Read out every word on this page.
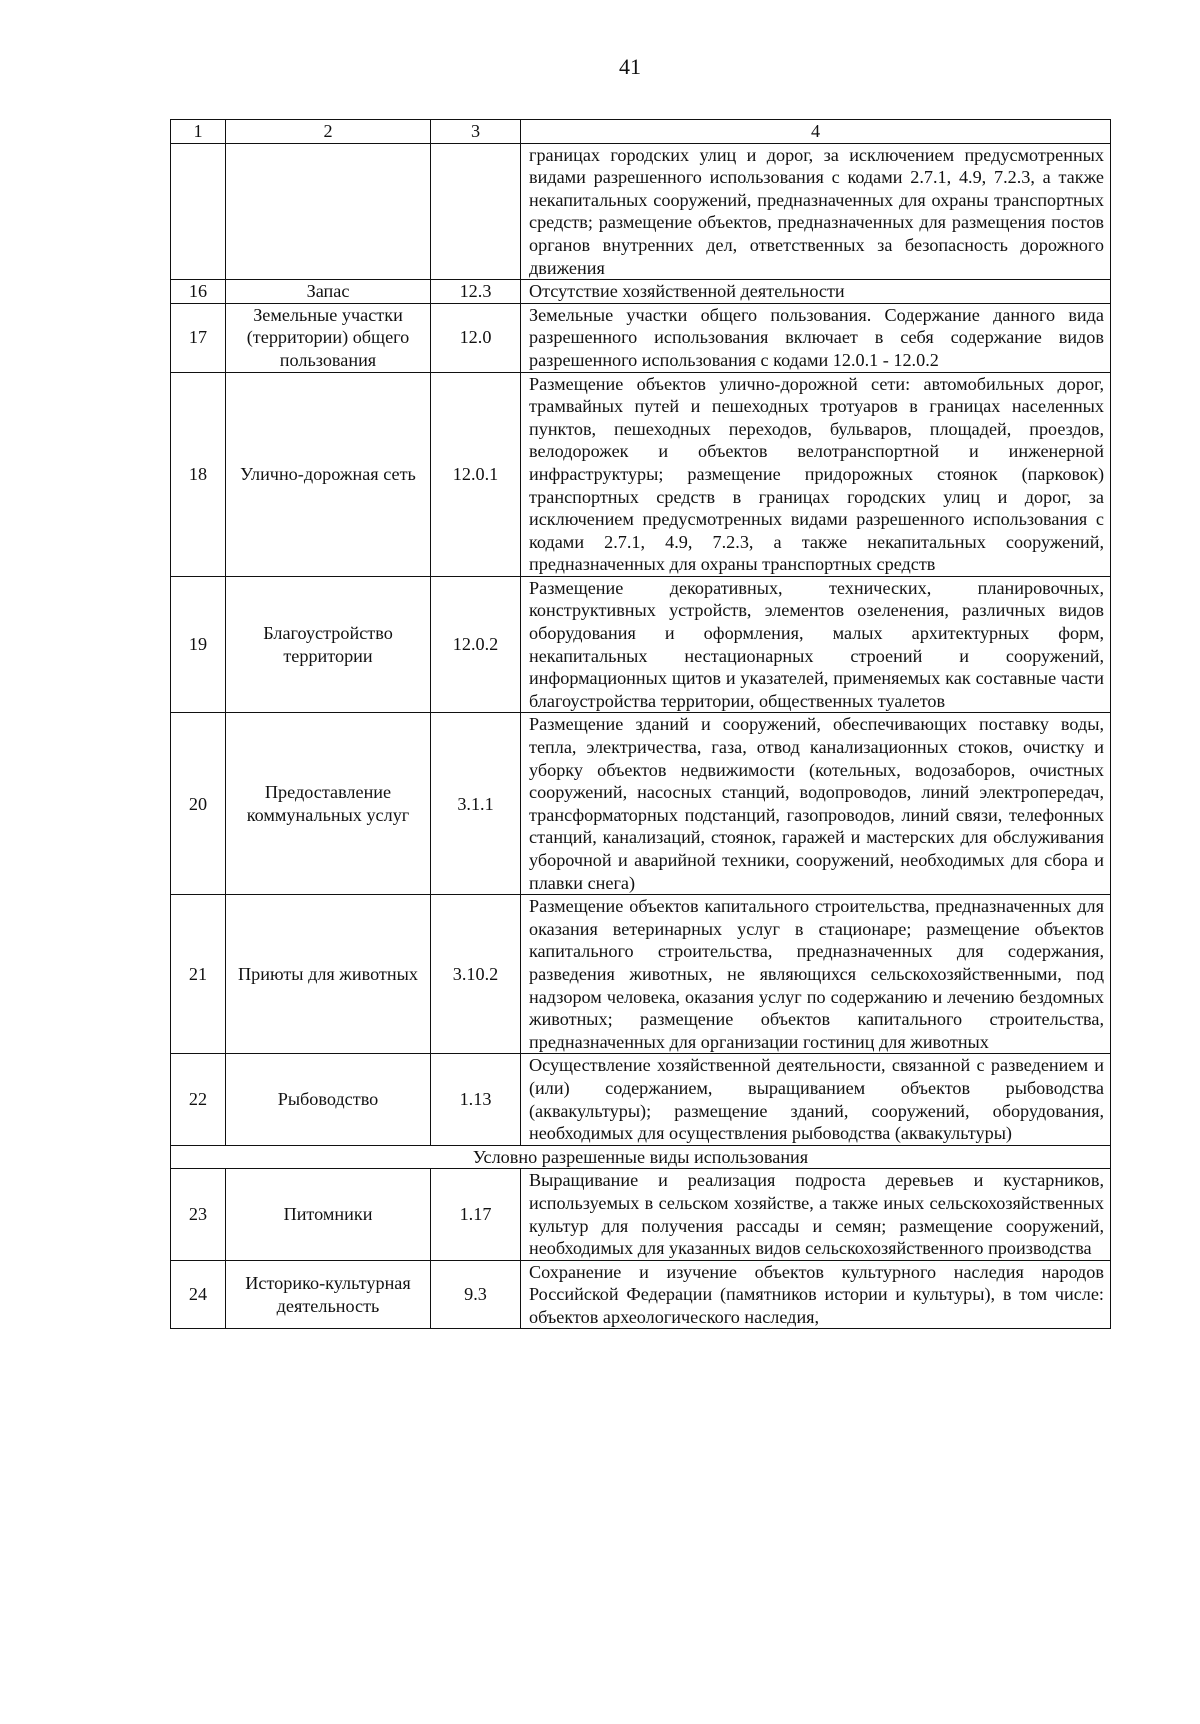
41
1	2	3	4
			границах городских улиц и дорог, за исключением предусмотренных видами разрешенного использования с кодами 2.7.1, 4.9, 7.2.3, а также некапитальных сооружений, предназначенных для охраны транспортных средств; размещение объектов, предназначенных для размещения постов органов внутренних дел, ответственных за безопасность дорожного движения
16	Запас	12.3	Отсутствие хозяйственной деятельности
17	Земельные участки (территории) общего пользования	12.0	Земельные участки общего пользования. Содержание данного вида разрешенного использования включает в себя содержание видов разрешенного использования с кодами 12.0.1 - 12.0.2
18	Улично-дорожная сеть	12.0.1	Размещение объектов улично-дорожной сети: автомобильных дорог, трамвайных путей и пешеходных тротуаров в границах населенных пунктов, пешеходных переходов, бульваров, площадей, проездов, велодорожек и объектов велотранспортной и инженерной инфраструктуры; размещение придорожных стоянок (парковок) транспортных средств в границах городских улиц и дорог, за исключением предусмотренных видами разрешенного использования с кодами 2.7.1, 4.9, 7.2.3, а также некапитальных сооружений, предназначенных для охраны транспортных средств
19	Благоустройство территории	12.0.2	Размещение декоративных, технических, планировочных, конструктивных устройств, элементов озеленения, различных видов оборудования и оформления, малых архитектурных форм, некапитальных нестационарных строений и сооружений, информационных щитов и указателей, применяемых как составные части благоустройства территории, общественных туалетов
20	Предоставление коммунальных услуг	3.1.1	Размещение зданий и сооружений, обеспечивающих поставку воды, тепла, электричества, газа, отвод канализационных стоков, очистку и уборку объектов недвижимости (котельных, водозаборов, очистных сооружений, насосных станций, водопроводов, линий электропередач, трансформаторных подстанций, газопроводов, линий связи, телефонных станций, канализаций, стоянок, гаражей и мастерских для обслуживания уборочной и аварийной техники, сооружений, необходимых для сбора и плавки снега)
21	Приюты для животных	3.10.2	Размещение объектов капитального строительства, предназначенных для оказания ветеринарных услуг в стационаре; размещение объектов капитального строительства, предназначенных для содержания, разведения животных, не являющихся сельскохозяйственными, под надзором человека, оказания услуг по содержанию и лечению бездомных животных; размещение объектов капитального строительства, предназначенных для организации гостиниц для животных
22	Рыбоводство	1.13	Осуществление хозяйственной деятельности, связанной с разведением и (или) содержанием, выращиванием объектов рыбоводства (аквакультуры); размещение зданий, сооружений, оборудования, необходимых для осуществления рыбоводства (аквакультуры)
Условно разрешенные виды использования			
23	Питомники	1.17	Выращивание и реализация подроста деревьев и кустарников, используемых в сельском хозяйстве, а также иных сельскохозяйственных культур для получения рассады и семян; размещение сооружений, необходимых для указанных видов сельскохозяйственного производства
24	Историко-культурная деятельность	9.3	Сохранение и изучение объектов культурного наследия народов Российской Федерации (памятников истории и культуры), в том числе: объектов археологического наследия,
